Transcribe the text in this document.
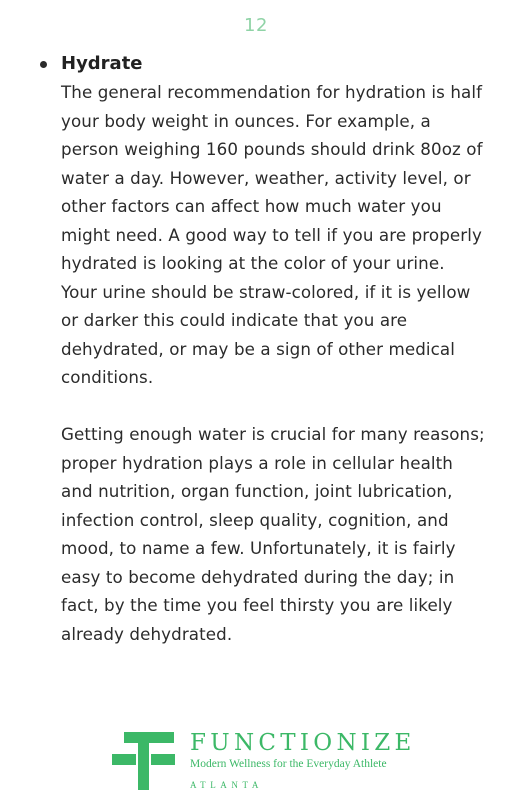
12
Hydrate

The general recommendation for hydration is half your body weight in ounces. For example, a person weighing 160 pounds should drink 80oz of water a day. However, weather, activity level, or other factors can affect how much water you might need. A good way to tell if you are properly hydrated is looking at the color of your urine. Your urine should be straw-colored, if it is yellow or darker this could indicate that you are dehydrated, or may be a sign of other medical conditions.

Getting enough water is crucial for many reasons; proper hydration plays a role in cellular health and nutrition, organ function, joint lubrication, infection control, sleep quality, cognition, and mood, to name a few. Unfortunately, it is fairly easy to become dehydrated during the day; in fact, by the time you feel thirsty you are likely already dehydrated.

FUNCTIONIZE
Modern Wellness for the Everyday Athlete
ATLANTA
